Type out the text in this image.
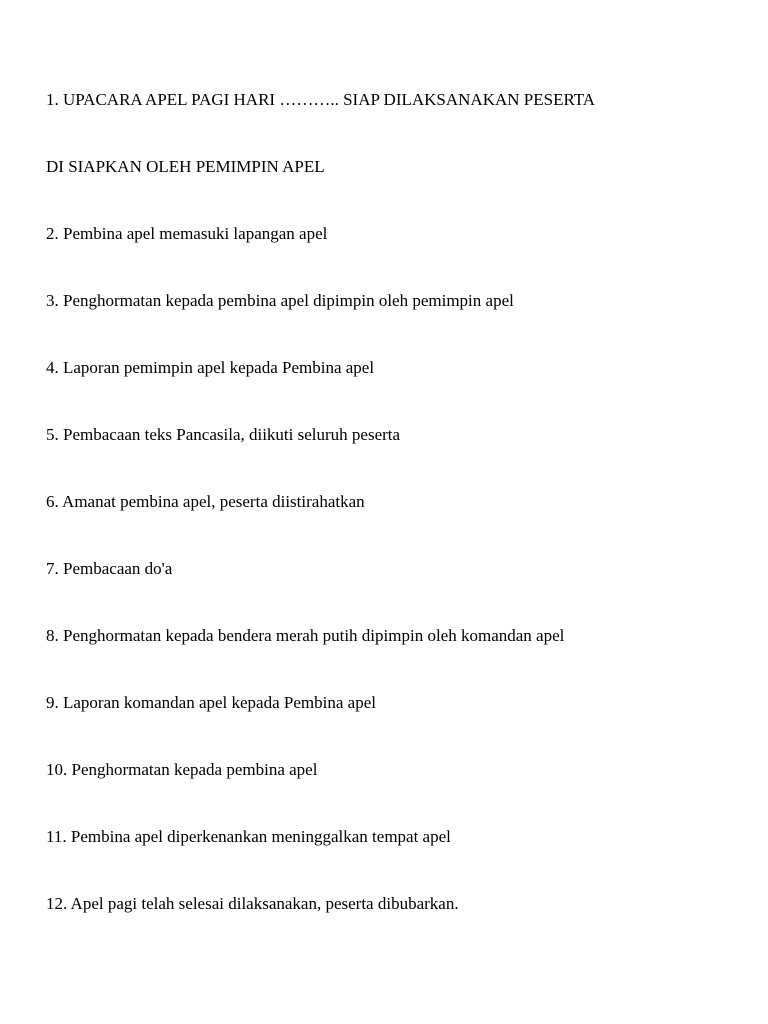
1. UPACARA APEL PAGI HARI ……….. SIAP DILAKSANAKAN PESERTA

DI SIAPKAN OLEH PEMIMPIN APEL

2. Pembina apel memasuki lapangan apel

3. Penghormatan kepada pembina apel dipimpin oleh pemimpin apel

4. Laporan pemimpin apel kepada Pembina apel

5. Pembacaan teks Pancasila, diikuti seluruh peserta

6. Amanat pembina apel, peserta diistirahatkan

7. Pembacaan do'a

8. Penghormatan kepada bendera merah putih dipimpin oleh komandan apel

9. Laporan komandan apel kepada Pembina apel

10. Penghormatan kepada pembina apel

11. Pembina apel diperkenankan meninggalkan tempat apel

12. Apel pagi telah selesai dilaksanakan, peserta dibubarkan.
